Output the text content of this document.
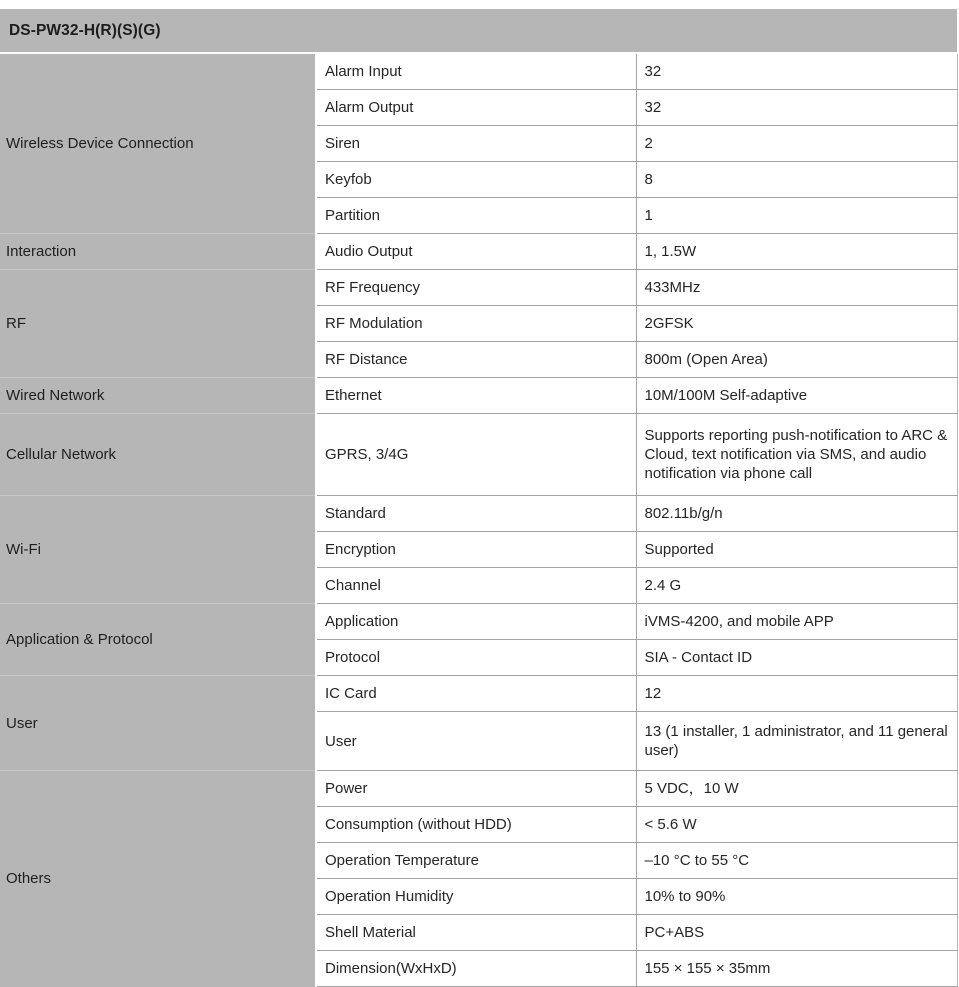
DS-PW32-H(R)(S)(G)
Wireless Device Connection	Alarm Input	32
	Alarm Output	32
	Siren	2
	Keyfob	8
	Partition	1
Interaction	Audio Output	1, 1.5W
RF	RF Frequency	433MHz
	RF Modulation	2GFSK
	RF Distance	800m (Open Area)
Wired Network	Ethernet	10M/100M Self-adaptive
Cellular Network	GPRS, 3/4G	Supports reporting push-notification to ARC & Cloud, text notification via SMS, and audio notification via phone call
Wi-Fi	Standard	802.11b/g/n
	Encryption	Supported
	Channel	2.4 G
Application & Protocol	Application	iVMS-4200, and mobile APP
	Protocol	SIA - Contact ID
User	IC Card	12
	User	13 (1 installer, 1 administrator, and 11 general user)
Others	Power	5 VDC，10 W
	Consumption (without HDD)	< 5.6 W
	Operation Temperature	–10 °C to 55 °C
	Operation Humidity	10% to 90%
	Shell Material	PC+ABS
	Dimension(WxHxD)	155 × 155 × 35mm
